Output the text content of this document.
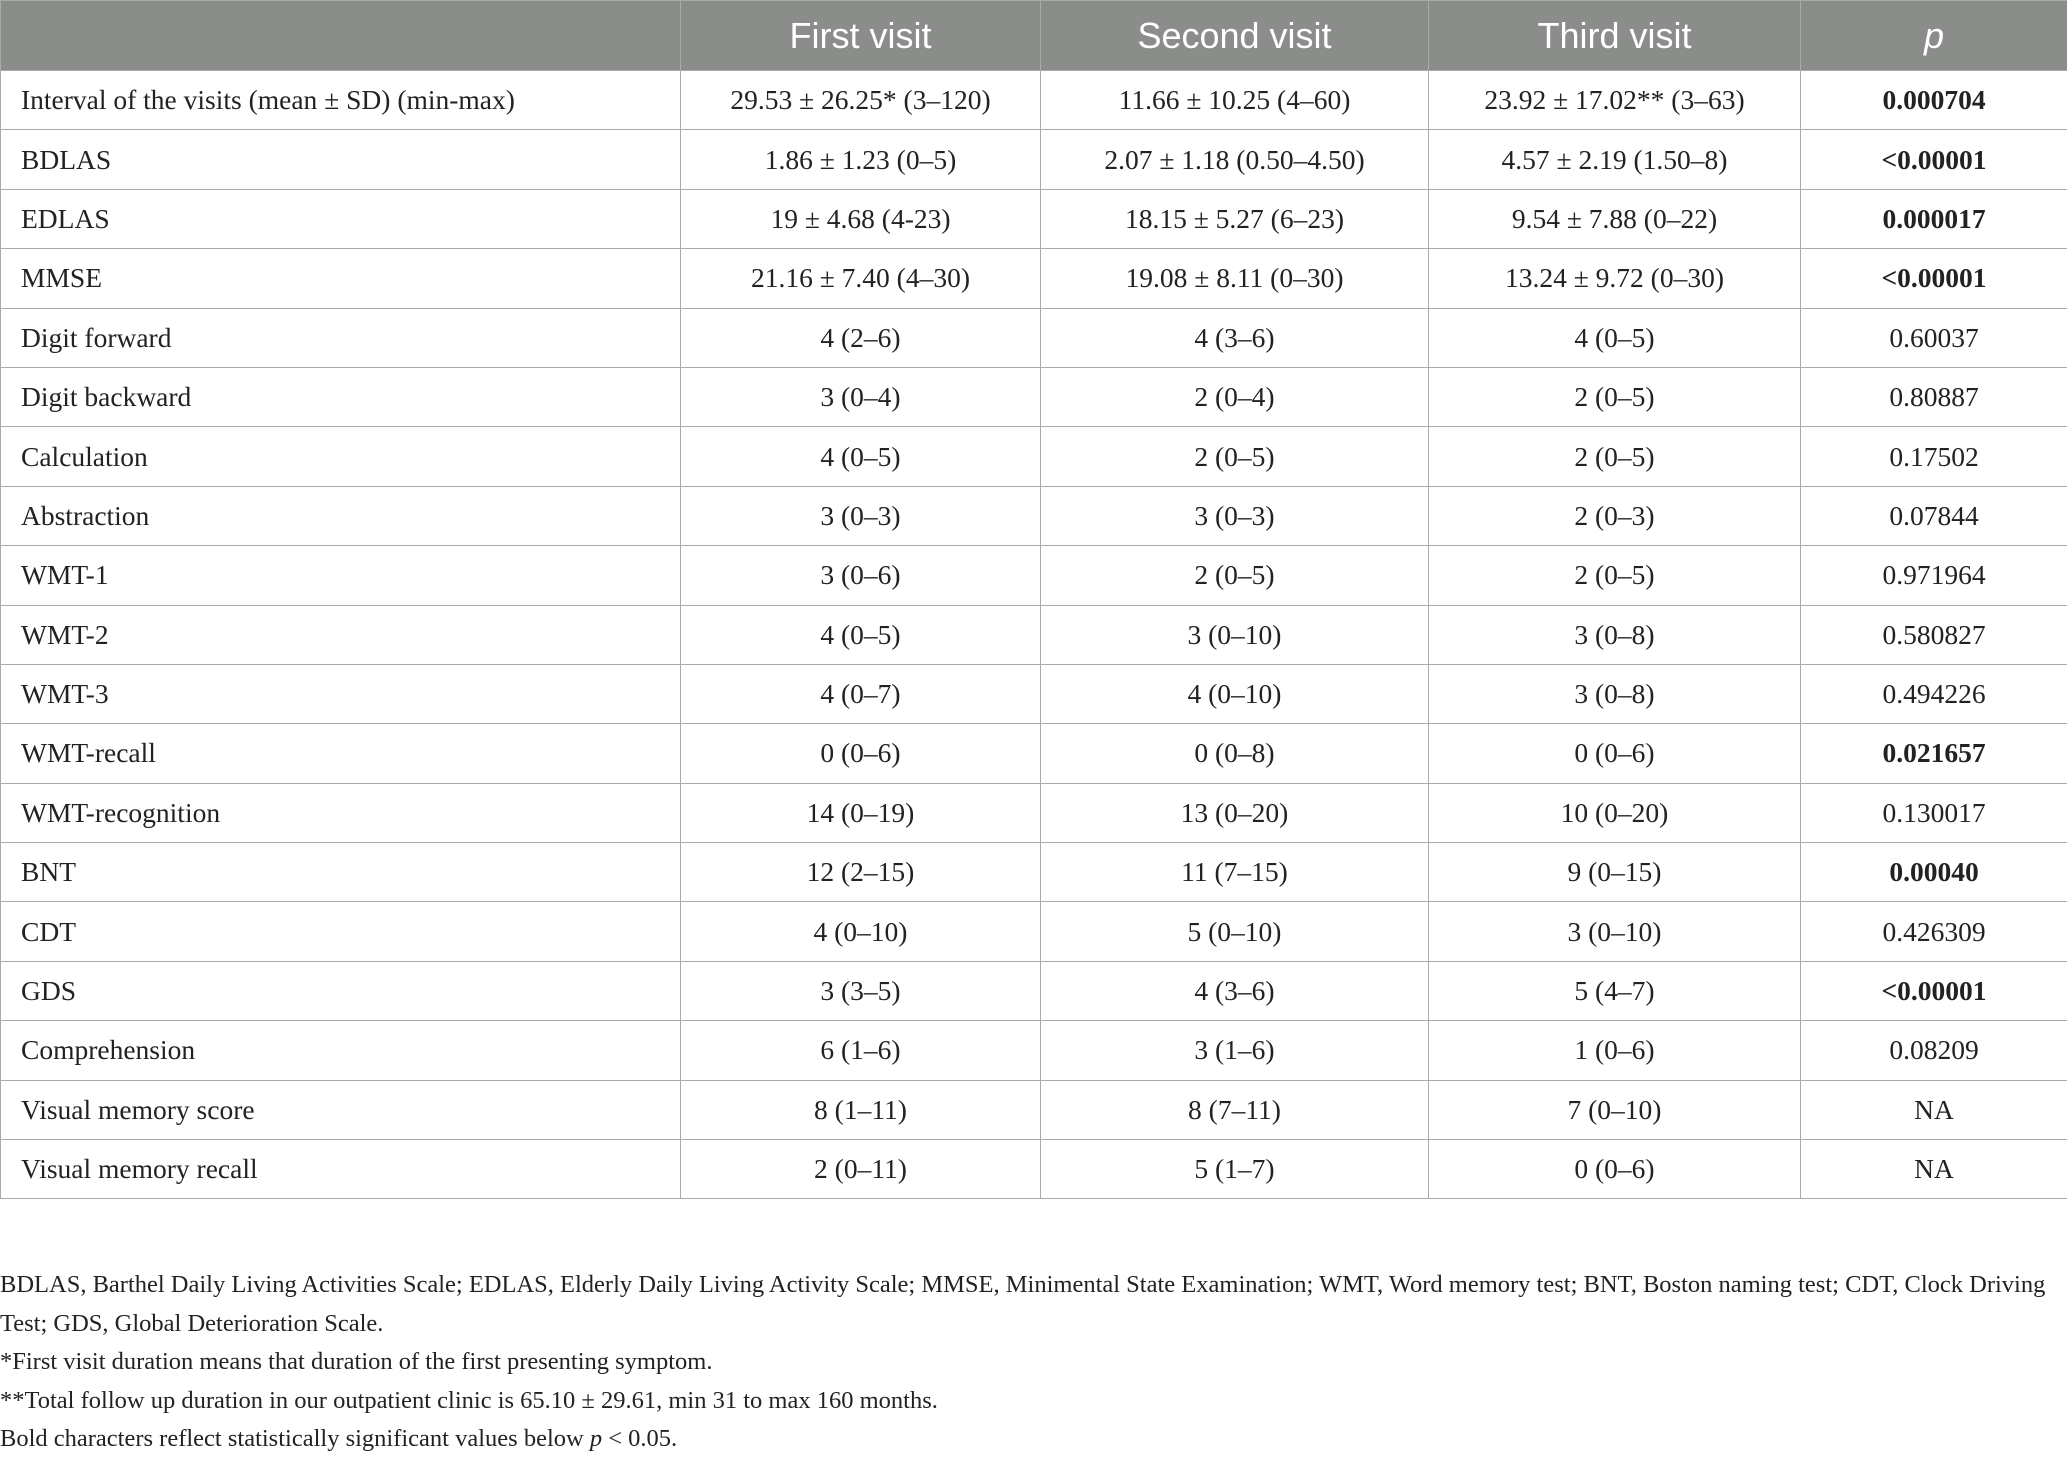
	First visit	Second visit	Third visit	p
Interval of the visits (mean ± SD) (min-max)	29.53 ± 26.25* (3–120)	11.66 ± 10.25 (4–60)	23.92 ± 17.02** (3–63)	0.000704
BDLAS	1.86 ± 1.23 (0–5)	2.07 ± 1.18 (0.50–4.50)	4.57 ± 2.19 (1.50–8)	<0.00001
EDLAS	19 ± 4.68 (4-23)	18.15 ± 5.27 (6–23)	9.54 ± 7.88 (0–22)	0.000017
MMSE	21.16 ± 7.40 (4–30)	19.08 ± 8.11 (0–30)	13.24 ± 9.72 (0–30)	<0.00001
Digit forward	4 (2–6)	4 (3–6)	4 (0–5)	0.60037
Digit backward	3 (0–4)	2 (0–4)	2 (0–5)	0.80887
Calculation	4 (0–5)	2 (0–5)	2 (0–5)	0.17502
Abstraction	3 (0–3)	3 (0–3)	2 (0–3)	0.07844
WMT-1	3 (0–6)	2 (0–5)	2 (0–5)	0.971964
WMT-2	4 (0–5)	3 (0–10)	3 (0–8)	0.580827
WMT-3	4 (0–7)	4 (0–10)	3 (0–8)	0.494226
WMT-recall	0 (0–6)	0 (0–8)	0 (0–6)	0.021657
WMT-recognition	14 (0–19)	13 (0–20)	10 (0–20)	0.130017
BNT	12 (2–15)	11 (7–15)	9 (0–15)	0.00040
CDT	4 (0–10)	5 (0–10)	3 (0–10)	0.426309
GDS	3 (3–5)	4 (3–6)	5 (4–7)	<0.00001
Comprehension	6 (1–6)	3 (1–6)	1 (0–6)	0.08209
Visual memory score	8 (1–11)	8 (7–11)	7 (0–10)	NA
Visual memory recall	2 (0–11)	5 (1–7)	0 (0–6)	NA

BDLAS, Barthel Daily Living Activities Scale; EDLAS, Elderly Daily Living Activity Scale; MMSE, Minimental State Examination; WMT, Word memory test; BNT, Boston naming test; CDT, Clock Driving Test; GDS, Global Deterioration Scale.

*First visit duration means that duration of the first presenting symptom.

**Total follow up duration in our outpatient clinic is 65.10 ± 29.61, min 31 to max 160 months.

Bold characters reflect statistically significant values below p < 0.05.
